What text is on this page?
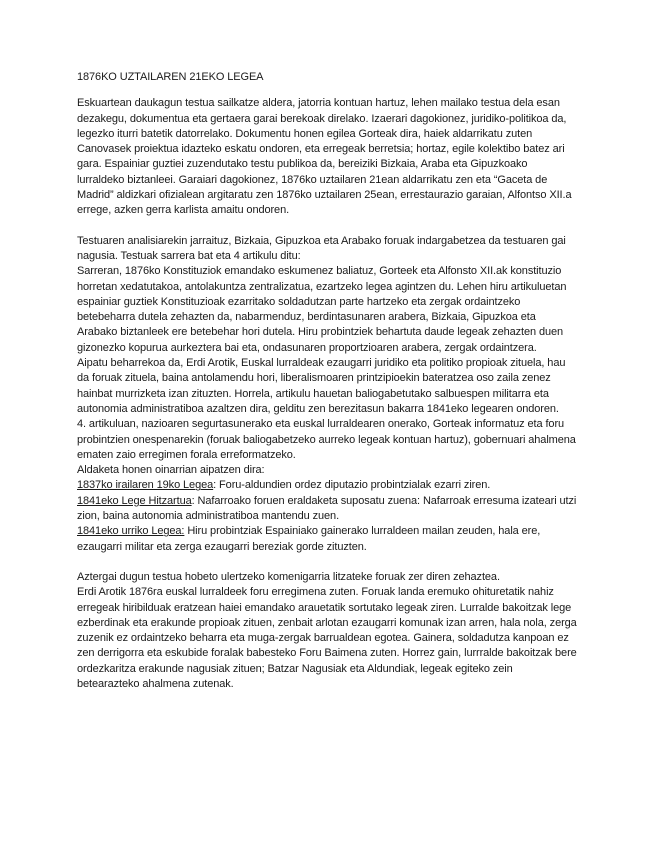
1876KO UZTAILAREN 21EKO LEGEA

Eskuartean daukagun testua sailkatze aldera, jatorria kontuan hartuz, lehen mailako testua dela esan dezakegu, dokumentua eta gertaera garai berekoak direlako. Izaerari dagokionez, juridiko-politikoa da, legezko iturri batetik datorrelako. Dokumentu honen egilea Gorteak dira, haiek aldarrikatu zuten Canovasek proiektua idazteko eskatu ondoren, eta erregeak berretsia; hortaz, egile kolektibo batez ari gara. Espainiar guztiei zuzendutako testu publikoa da, bereiziki Bizkaia, Araba eta Gipuzkoako lurraldeko biztanleei. Garaiari dagokionez, 1876ko uztailaren 21ean aldarrikatu zen eta “Gaceta de Madrid” aldizkari ofizialean argitaratu zen 1876ko uztailaren 25ean, errestaurazio garaian, Alfontso XII.a errege, azken gerra karlista amaitu ondoren.

Testuaren analisiarekin jarraituz, Bizkaia, Gipuzkoa eta Arabako foruak indargabetzea da testuaren gai nagusia. Testuak sarrera bat eta 4 artikulu ditu:

Sarreran, 1876ko Konstituziok emandako eskumenez baliatuz, Gorteek eta Alfonsto XII.ak konstituzio horretan xedatutakoa, antolakuntza zentralizatua, ezartzeko legea agintzen du. Lehen hiru artikuluetan espainiar guztiek Konstituzioak ezarritako soldadutzan parte hartzeko eta zergak ordaintzeko betebeharra dutela zehazten da, nabarmenduz, berdintasunaren arabera, Bizkaia, Gipuzkoa eta Arabako biztanleek ere betebehar hori dutela. Hiru probintziek behartuta daude legeak zehazten duen gizonezko kopurua aurkeztera bai eta, ondasunaren proportzioaren arabera, zergak ordaintzera.

Aipatu beharrekoa da, Erdi Arotik, Euskal lurraldeak ezaugarri juridiko eta politiko propioak zituela, hau da foruak zituela, baina antolamendu hori, liberalismoaren printzipioekin bateratzea oso zaila zenez hainbat murrizketa izan zituzten. Horrela, artikulu hauetan baliogabetutako salbuespen militarra eta autonomia administratiboa azaltzen dira, gelditu zen berezitasun bakarra 1841eko legearen ondoren.

4. artikuluan, nazioaren segurtasunerako eta euskal lurraldearen onerako, Gorteak informatuz eta foru probintzien onespenarekin (foruak baliogabetzeko aurreko legeak kontuan hartuz), gobernuari ahalmena ematen zaio erregimen forala erreformatzeko.

Aldaketa honen oinarrian aipatzen dira:

1837ko irailaren 19ko Legea: Foru-aldundien ordez diputazio probintzialak ezarri ziren.

1841eko Lege Hitzartua: Nafarroako foruen eraldaketa suposatu zuena: Nafarroak erresuma izateari utzi zion, baina autonomia administratiboa mantendu zuen.

1841eko urriko Legea: Hiru probintziak Espainiako gainerako lurraldeen mailan zeuden, hala ere, ezaugarri militar eta zerga ezaugarri bereziak gorde zituzten.

Aztergai dugun testua hobeto ulertzeko komenigarria litzateke foruak zer diren zehaztea.

Erdi Arotik 1876ra euskal lurraldeek foru erregimena zuten. Foruak landa eremuko ohituretatik nahiz erregeak hiribilduak eratzean haiei emandako arauetatik sortutako legeak ziren. Lurralde bakoitzak lege ezberdinak eta erakunde propioak zituen, zenbait arlotan ezaugarri komunak izan arren, hala nola, zerga zuzenik ez ordaintzeko beharra eta muga-zergak barrualdean egotea. Gainera, soldadutza kanpoan ez zen derrigorra eta eskubide foralak babesteko Foru Baimena zuten. Horrez gain, lurrralde bakoitzak bere ordezkaritza erakunde nagusiak zituen; Batzar Nagusiak eta Aldundiak, legeak egiteko zein betearazteko ahalmena zutenak.
